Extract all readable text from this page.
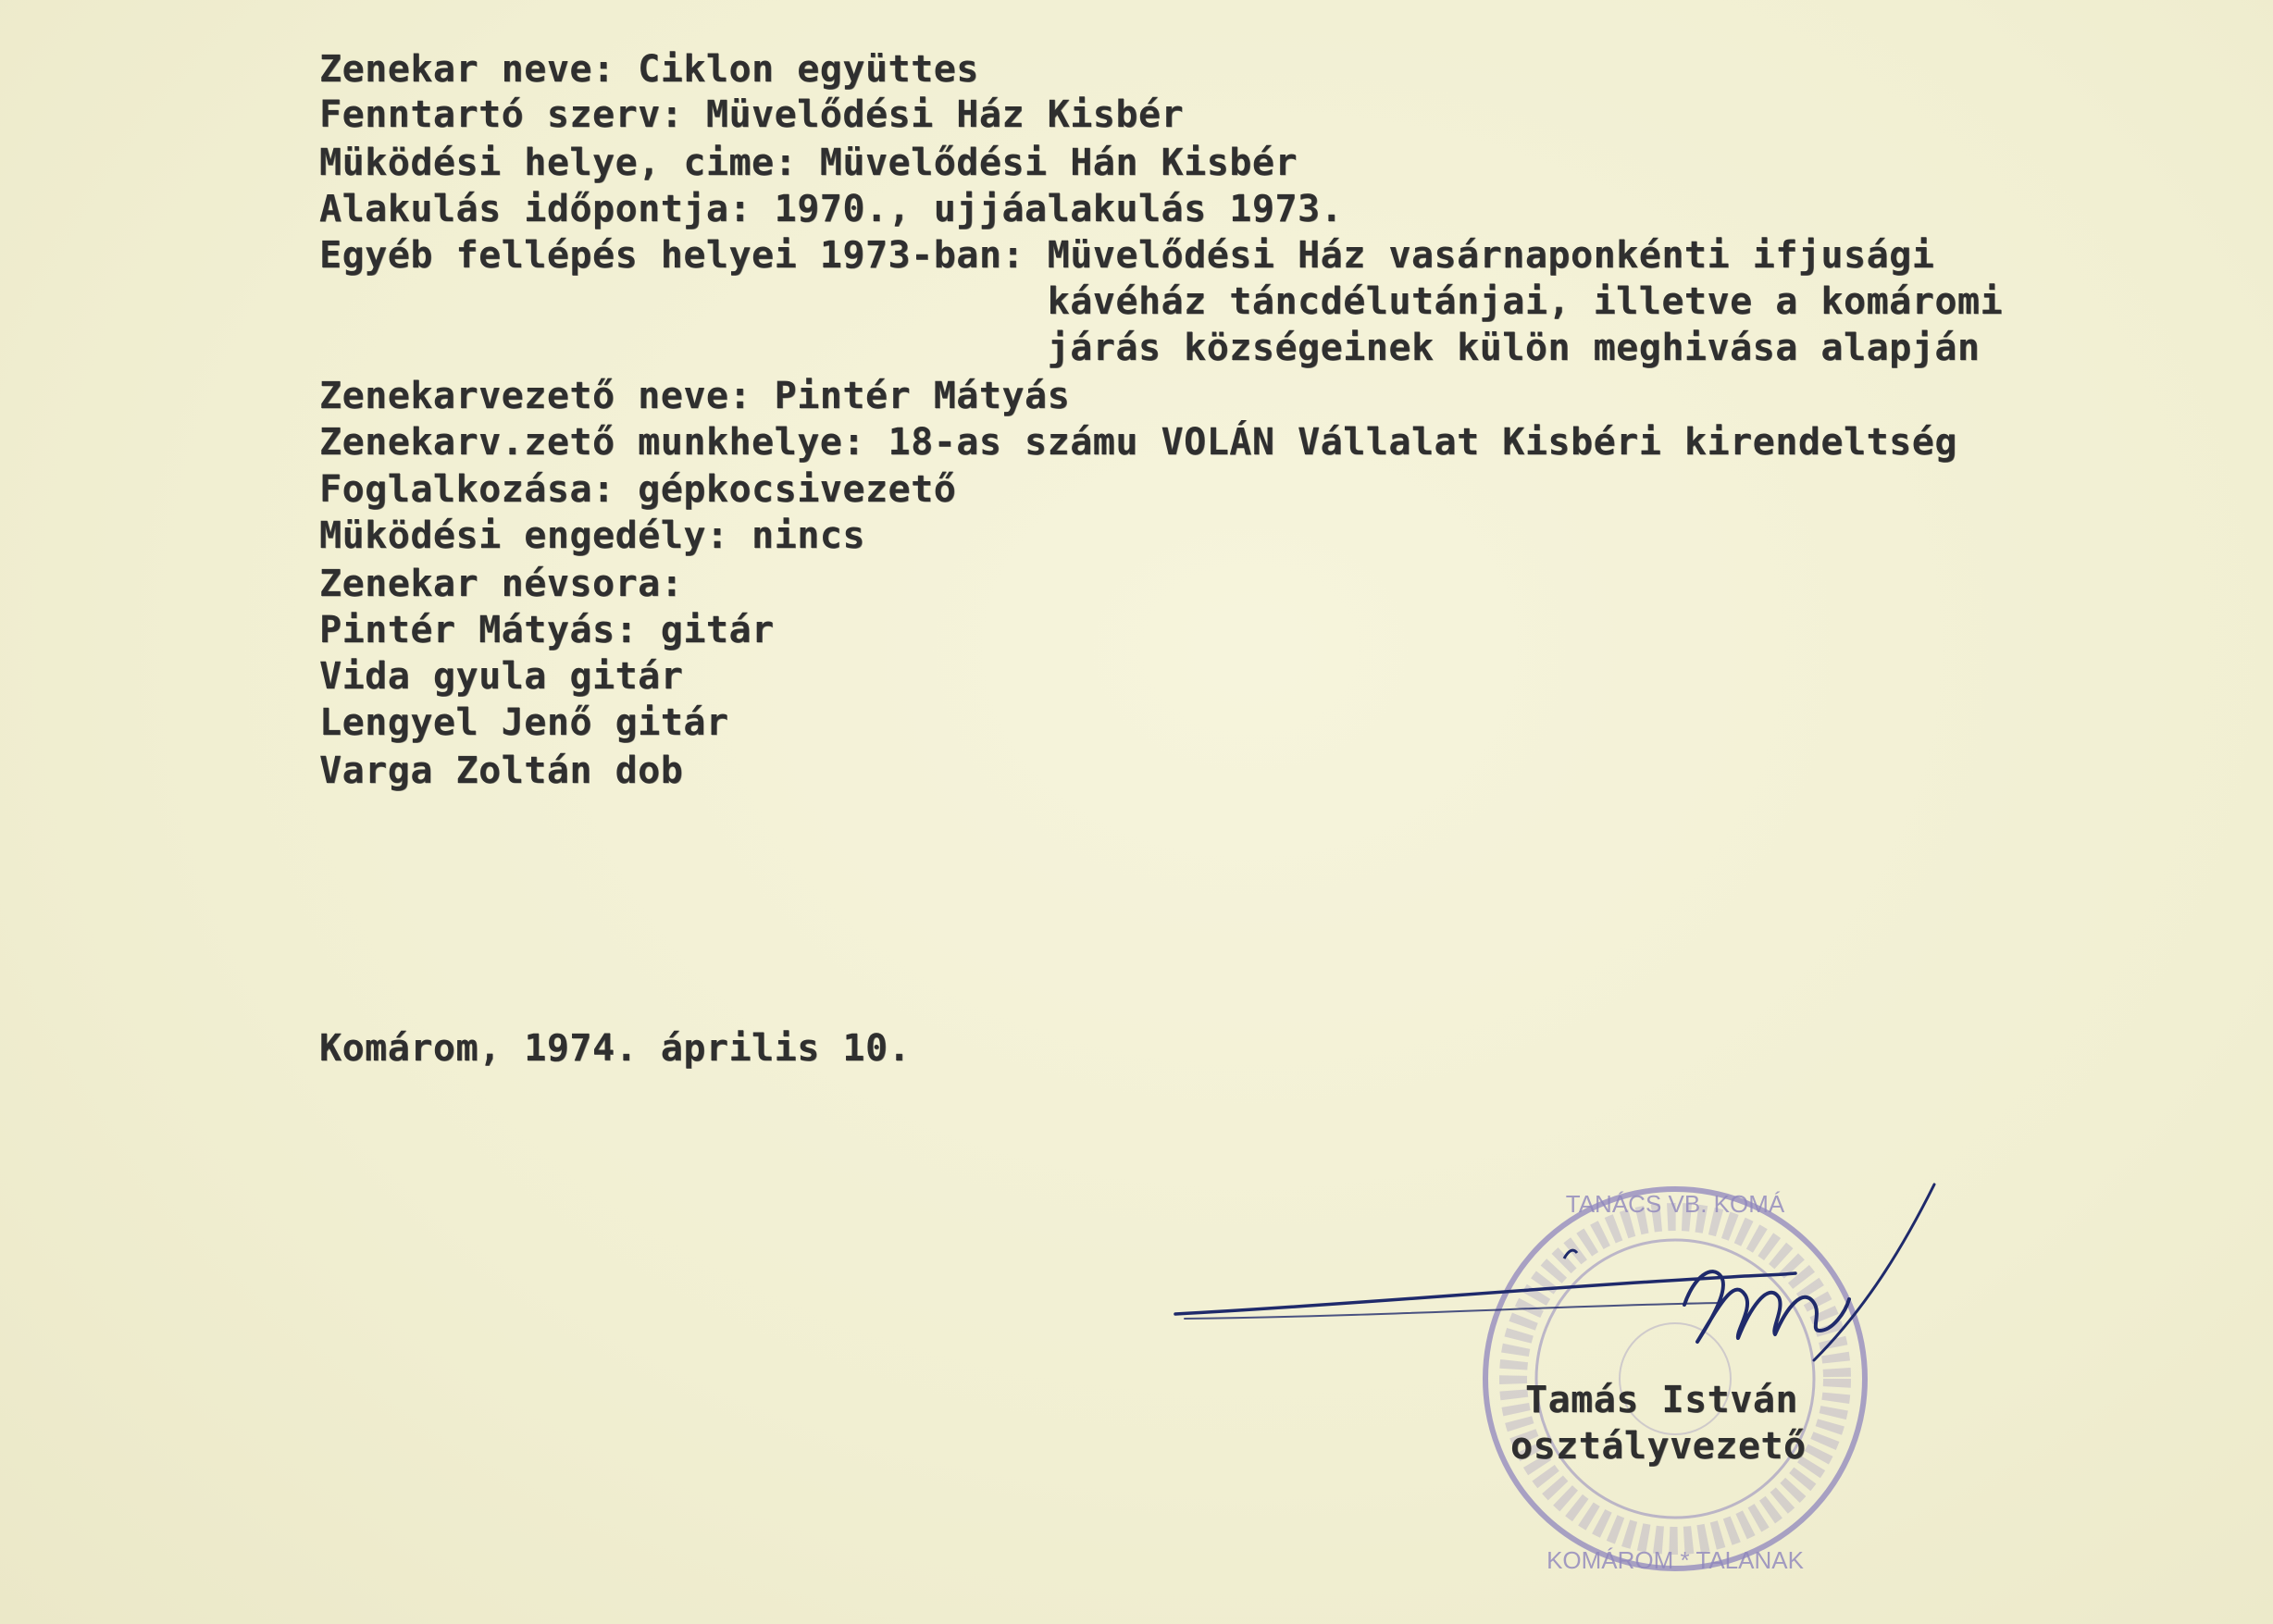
Zenekar neve: Ciklon együttes
Fenntartó szerv: Müvelődési Ház Kisbér
Müködési helye, cime: Müvelődési Hán Kisbér
Alakulás időpontja: 1970., ujjáalakulás 1973.
Egyéb fellépés helyei 1973-ban: Müvelődési Ház vasárnaponkénti ifjusági
kávéház táncdélutánjai, illetve a komáromi
járás községeinek külön meghivása alapján
Zenekarvezető neve: Pintér Mátyás
Zenekarv.zető munkhelye: 18-as számu VOLÁN Vállalat Kisbéri kirendeltség
Foglalkozása: gépkocsivezető
Müködési engedély: nincs
Zenekar névsora:
Pintér Mátyás: gitár
Vida gyula gitár
Lengyel Jenő gitár
Varga Zoltán dob
Komárom, 1974. április 10.
TANÁCS VB. KOMÁ
KOMÁROM * TALANAK
Tamás István
osztályvezető
